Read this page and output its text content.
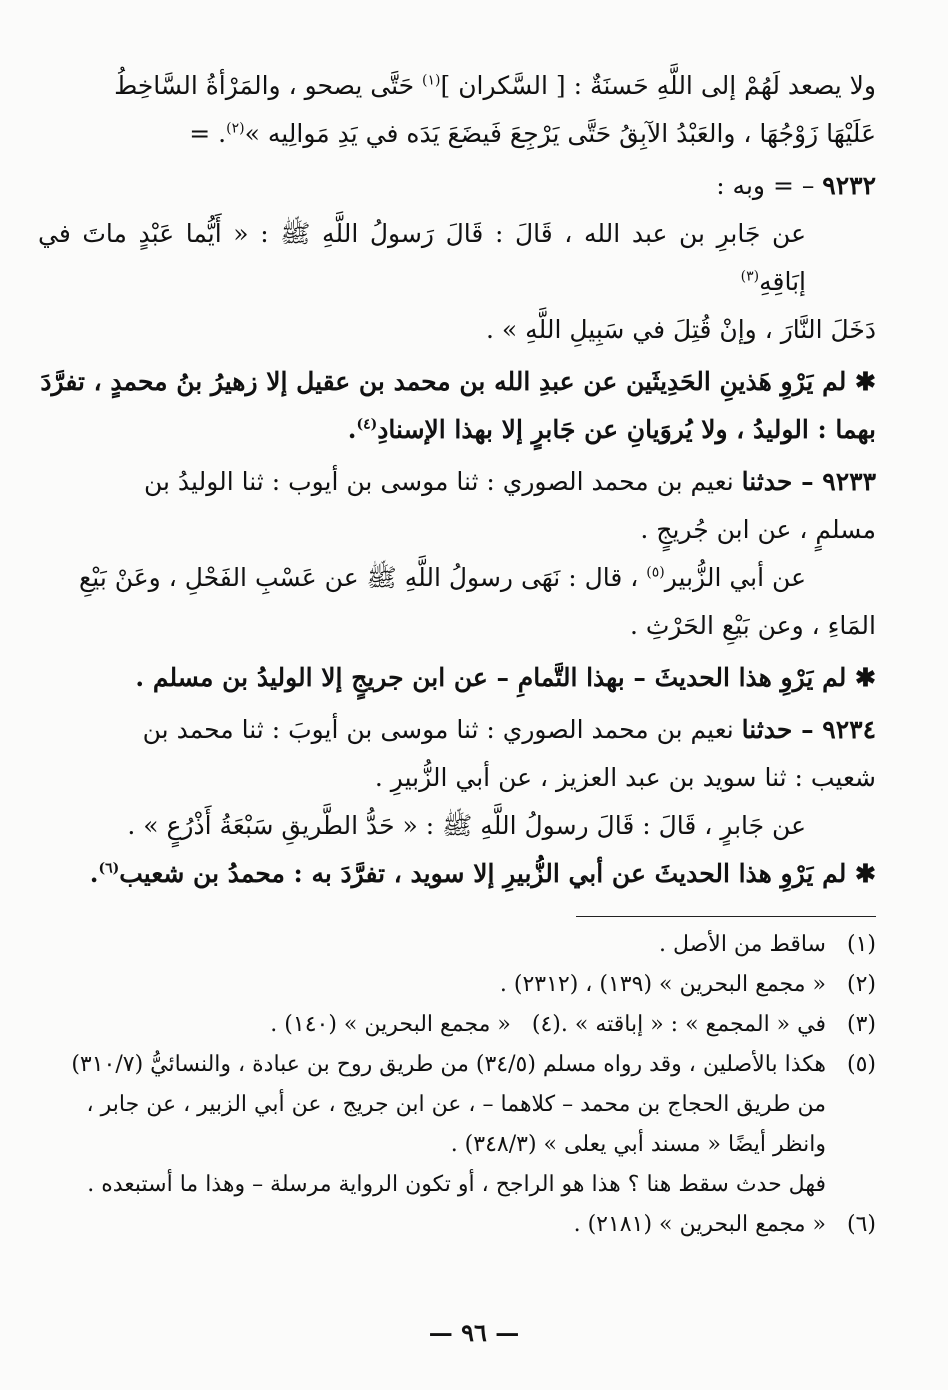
ولا يصعد لَهُمْ إلى اللَّهِ حَسنَةٌ : [ السَّكران ]$^{(١)}$ حَتَّى يصحو ، والمَرْأةُ السَّاخِطُ

عَلَيْهَا زَوْجُهَا ، والعَبْدُ الآبِقُ حَتَّى يَرْجِعَ فَيضَعَ يَدَه في يَدِ مَوالِيه »$^{(٢)}$. =

٩٢٣٢ – = وبه :

عن جَابرِ بن عبد الله ، قَالَ : قَالَ رَسولُ اللَّهِ ﷺ : « أَيُّما عَبْدٍ ماتَ في إبَاقِهِ$^{(٣)}$

دَخَلَ النَّارَ ، وإنْ قُتِلَ في سَبِيلِ اللَّهِ » .

✱ لم يَرْوِ هَذينِ الحَدِيثَين عن عبدِ الله بن محمد بن عقيل إلا زهيرُ بنُ محمدٍ ، تفرَّدَ

بهما : الوليدُ ، ولا يُروَيانِ عن جَابرٍ إلا بهذا الإسنادِ$^{(٤)}$.

٩٢٣٣ – حدثنا نعيم بن محمد الصوري : ثنا موسى بن أيوب : ثنا الوليدُ بن

مسلمٍ ، عن ابن جُريجٍ .

عن أبي الزُّبير$^{(٥)}$ ، قال : نَهَى رسولُ اللَّهِ ﷺ عن عَسْبِ الفَحْلِ ، وعَنْ بَيْعِ

المَاءِ ، وعن بَيْعِ الحَرْثِ .

✱ لم يَرْوِ هذا الحديثَ – بهذا التَّمامِ – عن ابن جريجٍ إلا الوليدُ بن مسلم .

٩٢٣٤ – حدثنا نعيم بن محمد الصوري : ثنا موسى بن أيوبَ : ثنا محمد بن

شعيب : ثنا سويد بن عبد العزيز ، عن أبي الزُّبيرِ .

عن جَابرٍ ، قَالَ : قَالَ رسولُ اللَّهِ ﷺ : « حَدُّ الطَّريقِ سَبْعَةُ أَذْرُعٍ » .

✱ لم يَرْوِ هذا الحديثَ عن أبي الزُّبيرِ إلا سويد ، تفرَّدَ به : محمدُ بن شعيب$^{(٦)}$.

(١)
ساقط من الأصل .

(٢)
« مجمع البحرين » (١٣٩) ، (٢٣١٢) .

(٣)
في « المجمع » : « إباقته » .
(٤)
« مجمع البحرين » (١٤٠) .

(٥)
هكذا بالأصلين ، وقد رواه مسلم (٣٤/٥) من طريق روح بن عبادة ، والنسائيُّ (٣١٠/٧)

من طريق الحجاج بن محمد – كلاهما – ، عن ابن جريج ، عن أبي الزبير ، عن جابر ،

وانظر أيضًا « مسند أبي يعلى » (٣٤٨/٣) .

فهل حدث سقط هنا ؟ هذا هو الراجح ، أو تكون الرواية مرسلة – وهذا ما أستبعده .

(٦)
« مجمع البحرين » (٢١٨١) .

— ٩٦ —
